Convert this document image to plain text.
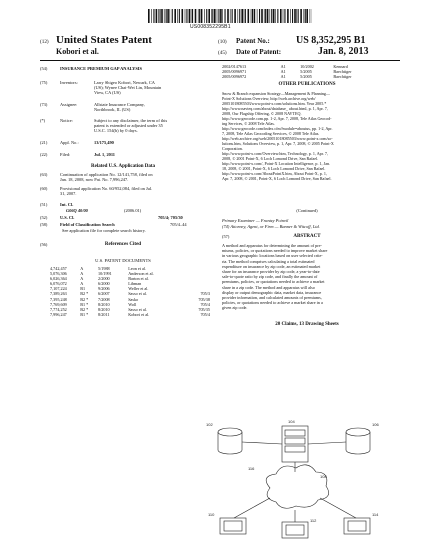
US008352295B1
(12) United States Patent
Kobori et al.
(10) Patent No.:	US 8,352,295 B1
(45) Date of Patent:	Jan. 8, 2013
(54)	INSURANCE PREMIUM GAP ANALYSIS
(75)	Inventors:	Larry Shigeo Kobori, Newark, CA
(US); Wynee Chai-Wei Lin, Mountain
View, CA (US)
(73)	Assignee:	Allstate Insurance Company,
Northbrook, IL (US)
(*)	Notice:	Subject to any disclaimer, the term of this
patent is extended or adjusted under 35
U.S.C. 154(b) by 0 days.
(21)	Appl. No.:	13/175,490
(22)	Filed:	Jul. 1, 2011
Related U.S. Application Data
(63)	Continuation of application No. 12/141,758, filed on
Jan. 18, 2008, now Pat. No. 7,996,247.
(60)	Provisional application No. 60/952,084, filed on Jul.
31, 2007.
(51)	Int. Cl.
G06Q 40/00	(2006.01)
(52)	U.S. Cl.	705/4; 705/30
(58)	Field of Classification Search	705/4–44
See application file for complete search history.
(56)	References Cited
U.S. PATENT DOCUMENTS
4,742,457	A	5/1988	Leon et al.
5,076,306	A	10/1991	Anderson et al.
6,026,364	A	2/2000	Barton et al.
6,076,072	A	6/2000	Libman
7,107,224	B1	9/2006	Weller et al.
7,389,263	B2 *	6/2007	Sasso et al.	705/3
7,395,248	B2 *	7/2008	Sasko	705/38
7,769,609	B1 *	8/2010	Woll	705/4
7,774,252	B2 *	8/2010	Sasso et al.	705/35
7,996,247	B1 *	8/2011	Kobori et al.	705/4
2002/0147613	A1	10/2002	Kennard
2005/0096971	A1	5/2005	Baechtiger
2005/0096972	A1	5/2005	Baechtiger
OTHER PUBLICATIONS
Snow & Branch expansion Strategy—Management & Planning—
Point-X Solutions Overview, http://web.archive.org/web/
20051018085503/www.point-x.com/solutions.htm. Year 2005.*
http://www.navteq.com/about/database_ about.html, p. 1, Apr. 7,
2008, Our Flagship Offering, © 2008 NAVTEQ.
http://www.geocode.com.pp. 1-2, Apr. 7, 2008, Tele Atlas Geocod-
ing Services, © 2008 Tele Atlas.
http://www.geocode.com/index.cfm?module=aboutus, pp. 1-2, Apr.
7, 2008, Tele Atlas Geocoding Services, © 2008 Tele Atlas.
http://web.archive.org/web/20051018085503/www.point-x.com/so-
lutions.htm, Solutions Overview, p. 1, Apr. 7, 2008, © 2005 Point-X
Corporation.
http://www.point-x.com/Overview.htm, Technology, p. 1, Apr. 7,
2008, © 2001 Point-X, 6 Loch Lomond Drive, San Rafael.
http://www.point-x.com/, Point-X Location Intelligence, p. 1, Jan.
18, 2008, © 2001, Point-X, 6 Loch Lomond Drive, San Rafael.
http://www.point-x.com/AboutPointX.htm, About Point-X, p. 1,
Apr. 7, 2008, © 2001, Point-X, 6 Loch Lomond Drive, San Rafael.
(Continued)
Primary Examiner — Frantzy Poinvil
(74) Attorney, Agent, or Firm — Banner & Witcoff, Ltd.
(57)	ABSTRACT
A method and apparatus for determining the amount of pre-
miums, policies, or quotations needed to improve market share
in various geographic locations based on user selected crite-
ria. The method comprises calculating a total estimated
expenditure on insurance by zip code, an estimated market
share for an insurance provider by zip code, a year-to-date
sale-to-quote ratio by zip code, and finally the amount of
premiums, policies, or quotations needed to achieve a market
share in a zip code. The method and apparatus will also
display or output demographic data, market data, insurance
provider information, and calculated amounts of premiums,
policies, or quotations needed to achieve a market share in a
given zip code.
20 Claims, 13 Drawing Sheets
102
104
106
108
110
112
114
116
